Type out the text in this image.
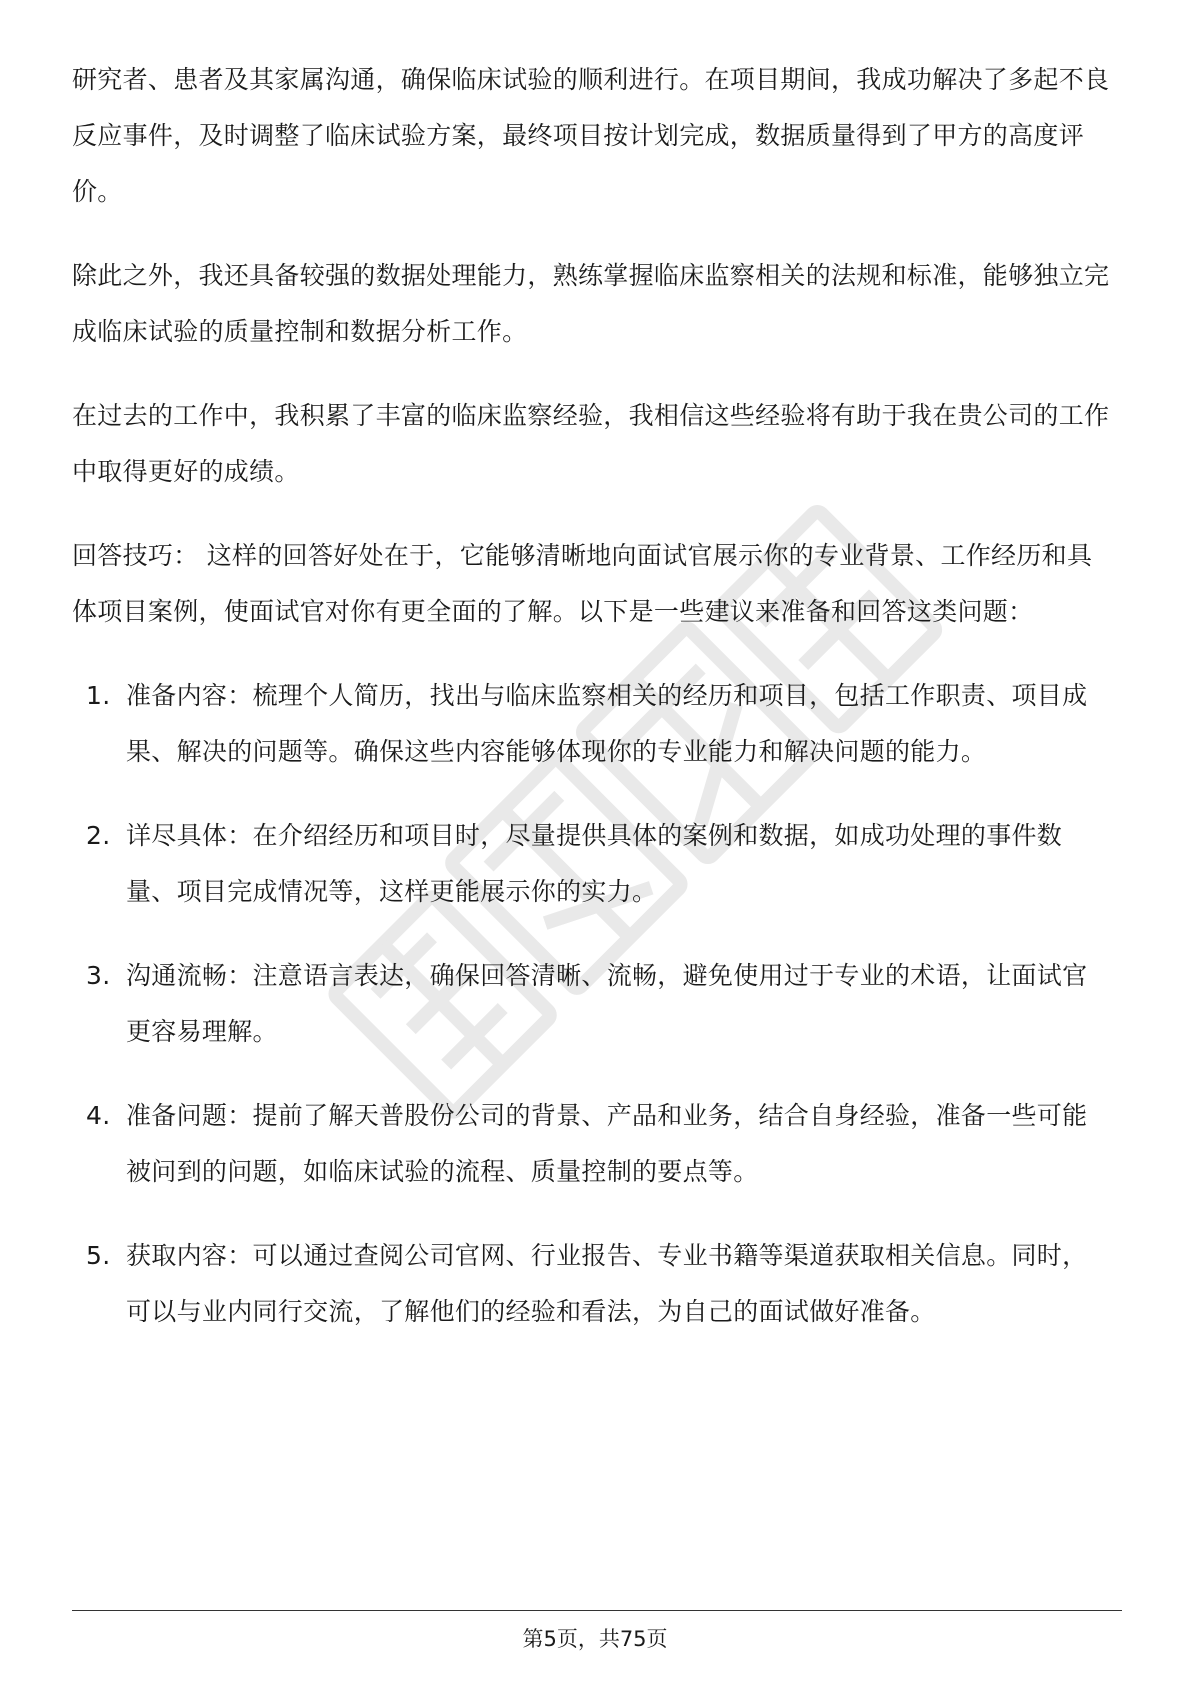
研究者、患者及其家属沟通，确保临床试验的顺利进行。在项目期间，我成功解决了多起不良反应事件，及时调整了临床试验方案，最终项目按计划完成，数据质量得到了甲方的高度评价。

除此之外，我还具备较强的数据处理能力，熟练掌握临床监察相关的法规和标准，能够独立完成临床试验的质量控制和数据分析工作。

在过去的工作中，我积累了丰富的临床监察经验，我相信这些经验将有助于我在贵公司的工作中取得更好的成绩。

回答技巧： 这样的回答好处在于，它能够清晰地向面试官展示你的专业背景、工作经历和具体项目案例，使面试官对你有更全面的了解。以下是一些建议来准备和回答这类问题：

1. 准备内容：梳理个人简历，找出与临床监察相关的经历和项目，包括工作职责、项目成果、解决的问题等。确保这些内容能够体现你的专业能力和解决问题的能力。
2. 详尽具体：在介绍经历和项目时，尽量提供具体的案例和数据，如成功处理的事件数量、项目完成情况等，这样更能展示你的实力。
3. 沟通流畅：注意语言表达，确保回答清晰、流畅，避免使用过于专业的术语，让面试官更容易理解。
4. 准备问题：提前了解天普股份公司的背景、产品和业务，结合自身经验，准备一些可能被问到的问题，如临床试验的流程、质量控制的要点等。
5. 获取内容：可以通过查阅公司官网、行业报告、专业书籍等渠道获取相关信息。同时，可以与业内同行交流，了解他们的经验和看法，为自己的面试做好准备。
第5页，共75页
